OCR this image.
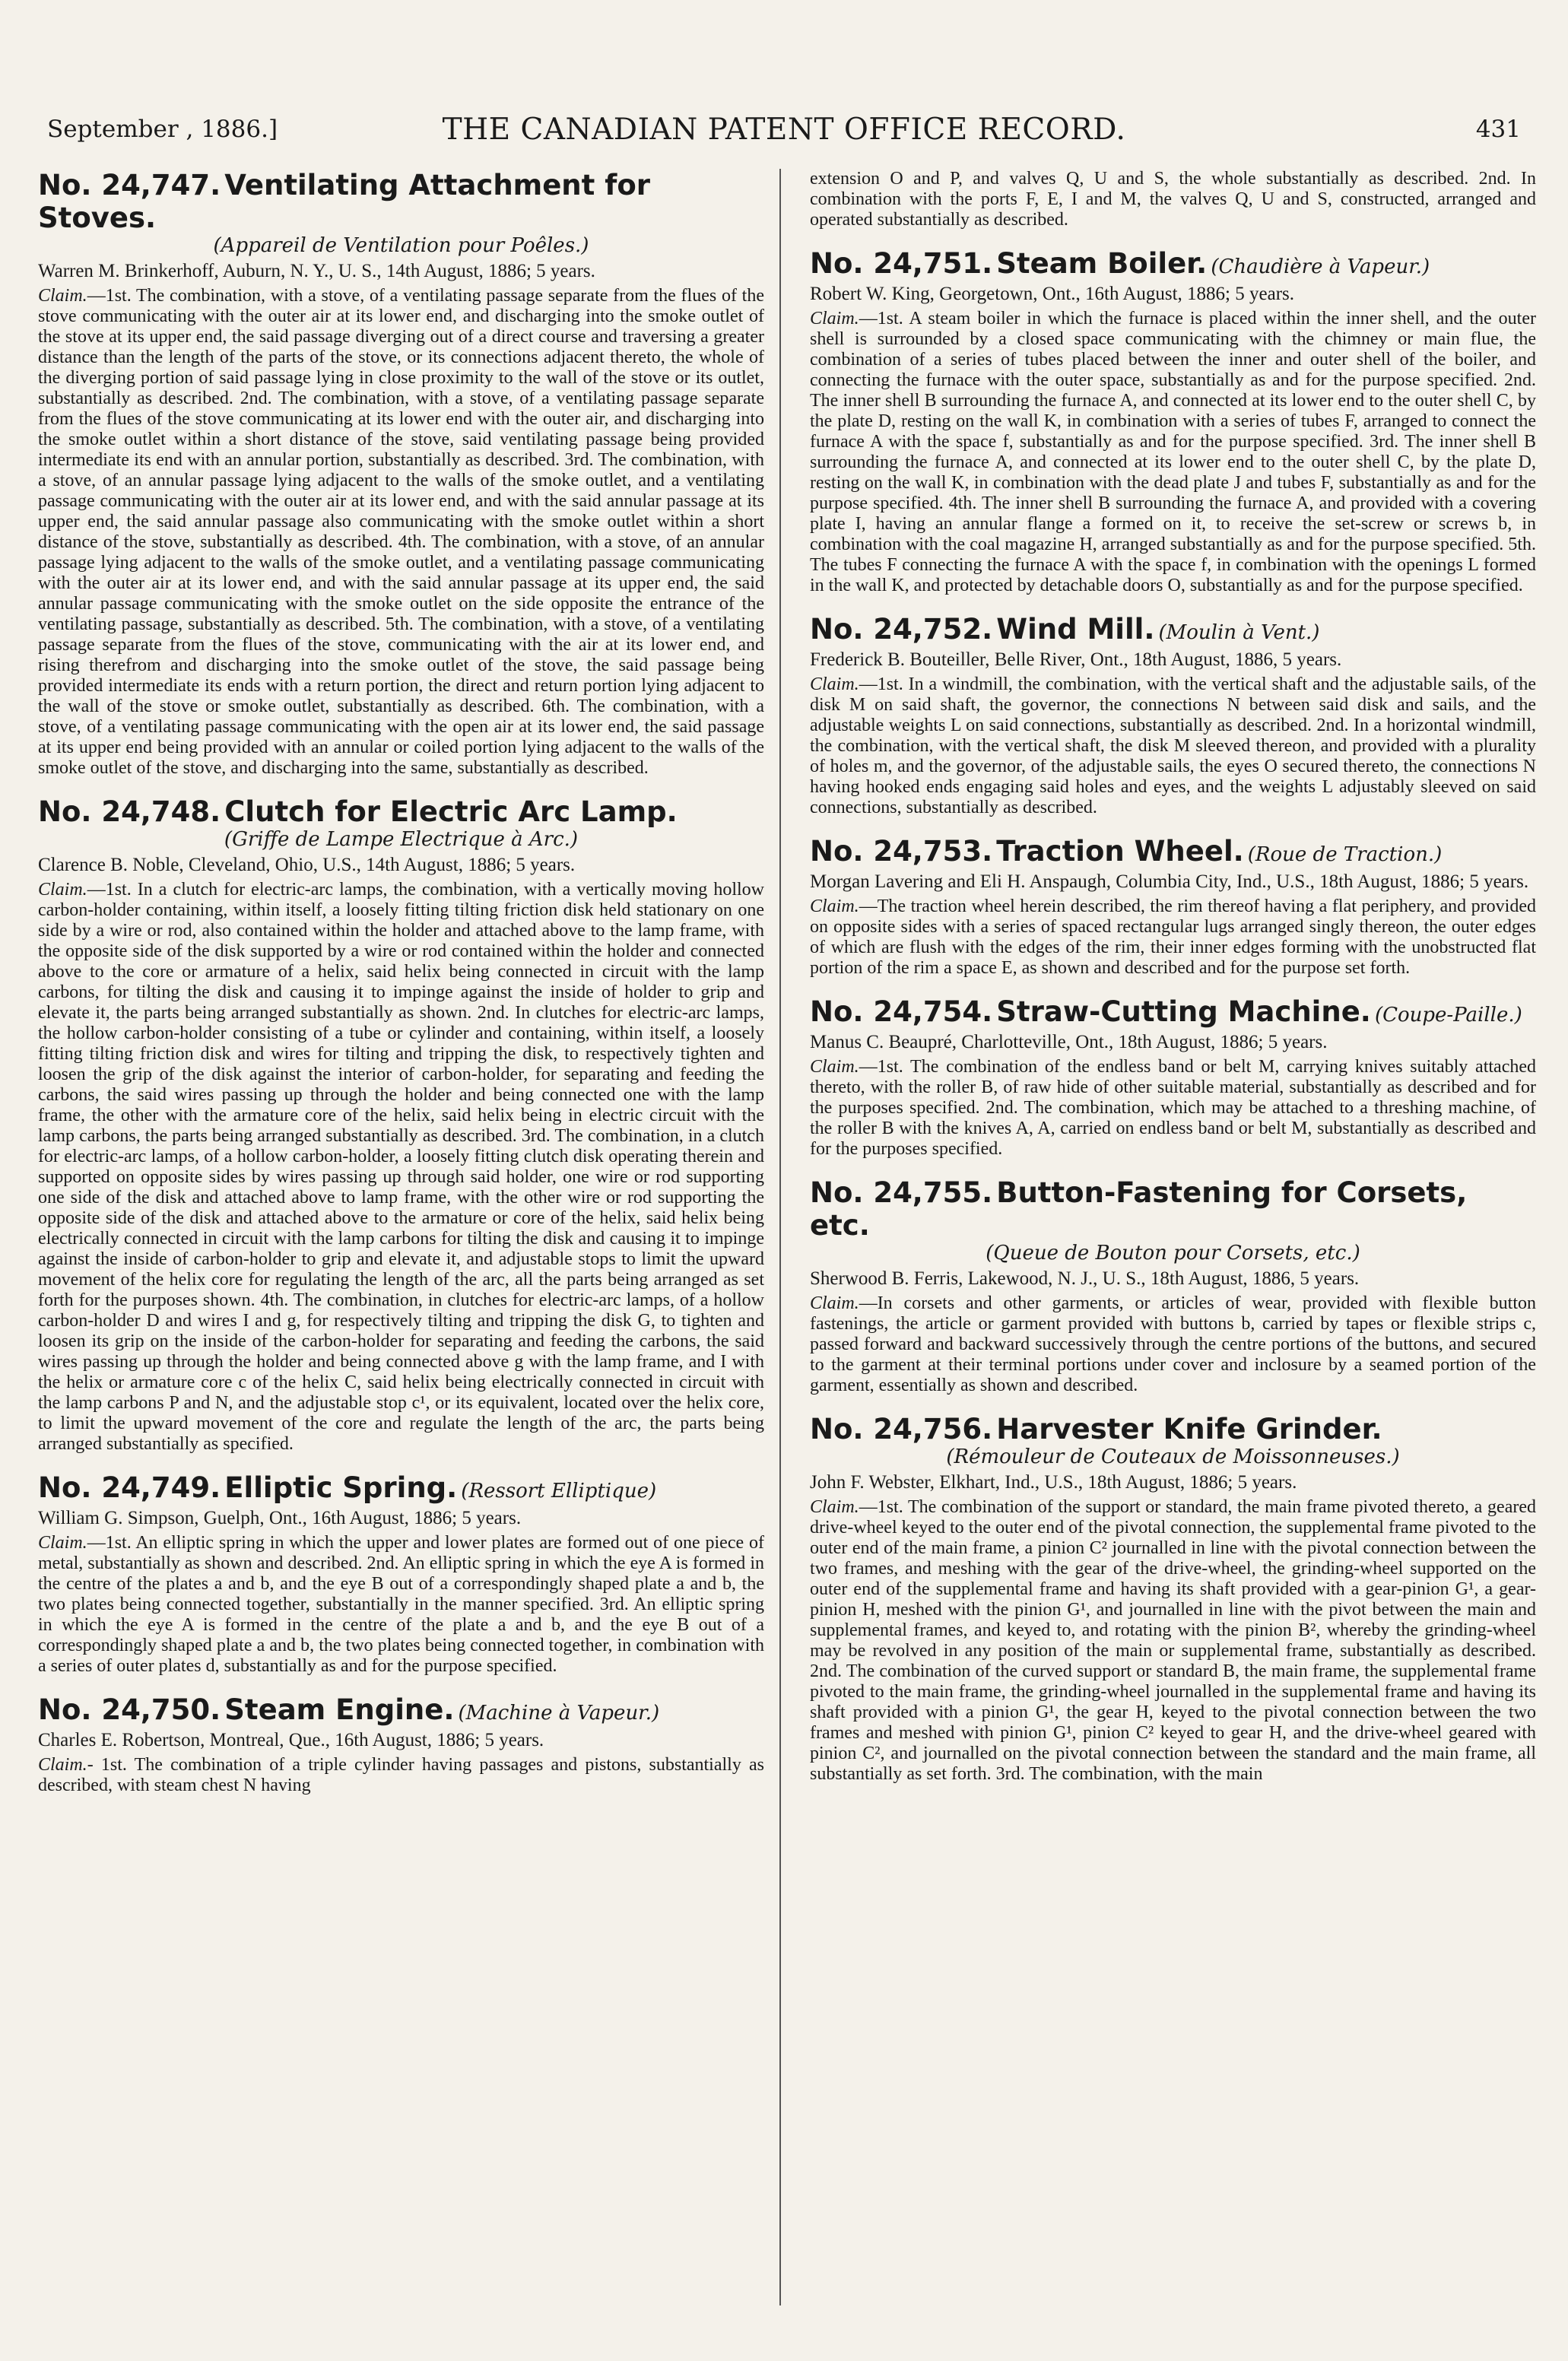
September , 1886.]	THE CANADIAN PATENT OFFICE RECORD.	431
No. 24,747. Ventilating Attachment for Stoves.
(Appareil de Ventilation pour Poêles.)
Warren M. Brinkerhoff, Auburn, N. Y., U. S., 14th August, 1886; 5 years.

Claim.—1st. The combination, with a stove, of a ventilating passage separate from the flues of the stove communicating with the outer air at its lower end, and discharging into the smoke outlet of the stove at its upper end, the said passage diverging out of a direct course and traversing a greater distance than the length of the parts of the stove, or its connections adjacent thereto, the whole of the diverging portion of said passage lying in close proximity to the wall of the stove or its outlet, substantially as described. 2nd. The combination, with a stove, of a ventilating passage separate from the flues of the stove communicating at its lower end with the outer air, and discharging into the smoke outlet within a short distance of the stove, said ventilating passage being provided intermediate its end with an annular portion, substantially as described. 3rd. The combination, with a stove, of an annular passage lying adjacent to the walls of the smoke outlet, and a ventilating passage communicating with the outer air at its lower end, and with the said annular passage at its upper end, the said annular passage also communicating with the smoke outlet within a short distance of the stove, substantially as described. 4th. The combination, with a stove, of an annular passage lying adjacent to the walls of the smoke outlet, and a ventilating passage communicating with the outer air at its lower end, and with the said annular passage at its upper end, the said annular passage communicating with the smoke outlet on the side opposite the entrance of the ventilating passage, substantially as described. 5th. The combination, with a stove, of a ventilating passage separate from the flues of the stove, communicating with the air at its lower end, and rising therefrom and discharging into the smoke outlet of the stove, the said passage being provided intermediate its ends with a return portion, the direct and return portion lying adjacent to the wall of the stove or smoke outlet, substantially as described. 6th. The combination, with a stove, of a ventilating passage communicating with the open air at its lower end, the said passage at its upper end being provided with an annular or coiled portion lying adjacent to the walls of the smoke outlet of the stove, and discharging into the same, substantially as described.

No. 24,748. Clutch for Electric Arc Lamp.
(Griffe de Lampe Electrique à Arc.)
Clarence B. Noble, Cleveland, Ohio, U.S., 14th August, 1886; 5 years.

Claim.—1st. In a clutch for electric-arc lamps, the combination, with a vertically moving hollow carbon-holder containing, within itself, a loosely fitting tilting friction disk held stationary on one side by a wire or rod, also contained within the holder and attached above to the lamp frame, with the opposite side of the disk supported by a wire or rod contained within the holder and connected above to the core or armature of a helix, said helix being connected in circuit with the lamp carbons, for tilting the disk and causing it to impinge against the inside of holder to grip and elevate it, the parts being arranged substantially as shown. 2nd. In clutches for electric-arc lamps, the hollow carbon-holder consisting of a tube or cylinder and containing, within itself, a loosely fitting tilting friction disk and wires for tilting and tripping the disk, to respectively tighten and loosen the grip of the disk against the interior of carbon-holder, for separating and feeding the carbons, the said wires passing up through the holder and being connected one with the lamp frame, the other with the armature core of the helix, said helix being in electric circuit with the lamp carbons, the parts being arranged substantially as described. 3rd. The combination, in a clutch for electric-arc lamps, of a hollow carbon-holder, a loosely fitting clutch disk operating therein and supported on opposite sides by wires passing up through said holder, one wire or rod supporting one side of the disk and attached above to lamp frame, with the other wire or rod supporting the opposite side of the disk and attached above to the armature or core of the helix, said helix being electrically connected in circuit with the lamp carbons for tilting the disk and causing it to impinge against the inside of carbon-holder to grip and elevate it, and adjustable stops to limit the upward movement of the helix core for regulating the length of the arc, all the parts being arranged as set forth for the purposes shown. 4th. The combination, in clutches for electric-arc lamps, of a hollow carbon-holder D and wires I and g, for respectively tilting and tripping the disk G, to tighten and loosen its grip on the inside of the carbon-holder for separating and feeding the carbons, the said wires passing up through the holder and being connected above g with the lamp frame, and I with the helix or armature core c of the helix C, said helix being electrically connected in circuit with the lamp carbons P and N, and the adjustable stop c¹, or its equivalent, located over the helix core, to limit the upward movement of the core and regulate the length of the arc, the parts being arranged substantially as specified.

No. 24,749. Elliptic Spring. (Ressort Elliptique)
William G. Simpson, Guelph, Ont., 16th August, 1886; 5 years.

Claim.—1st. An elliptic spring in which the upper and lower plates are formed out of one piece of metal, substantially as shown and described. 2nd. An elliptic spring in which the eye A is formed in the centre of the plates a and b, and the eye B out of a correspondingly shaped plate a and b, the two plates being connected together, substantially in the manner specified. 3rd. An elliptic spring in which the eye A is formed in the centre of the plate a and b, and the eye B out of a correspondingly shaped plate a and b, the two plates being connected together, in combination with a series of outer plates d, substantially as and for the purpose specified.

No. 24,750. Steam Engine. (Machine à Vapeur.)
Charles E. Robertson, Montreal, Que., 16th August, 1886; 5 years.

Claim.- 1st. The combination of a triple cylinder having passages and pistons, substantially as described, with steam chest N having

extension O and P, and valves Q, U and S, the whole substantially as described. 2nd. In combination with the ports F, E, I and M, the valves Q, U and S, constructed, arranged and operated substantially as described.

No. 24,751. Steam Boiler. (Chaudière à Vapeur.)
Robert W. King, Georgetown, Ont., 16th August, 1886; 5 years.

Claim.—1st. A steam boiler in which the furnace is placed within the inner shell, and the outer shell is surrounded by a closed space communicating with the chimney or main flue, the combination of a series of tubes placed between the inner and outer shell of the boiler, and connecting the furnace with the outer space, substantially as and for the purpose specified. 2nd. The inner shell B surrounding the furnace A, and connected at its lower end to the outer shell C, by the plate D, resting on the wall K, in combination with a series of tubes F, arranged to connect the furnace A with the space f, substantially as and for the purpose specified. 3rd. The inner shell B surrounding the furnace A, and connected at its lower end to the outer shell C, by the plate D, resting on the wall K, in combination with the dead plate J and tubes F, substantially as and for the purpose specified. 4th. The inner shell B surrounding the furnace A, and provided with a covering plate I, having an annular flange a formed on it, to receive the set-screw or screws b, in combination with the coal magazine H, arranged substantially as and for the purpose specified. 5th. The tubes F connecting the furnace A with the space f, in combination with the openings L formed in the wall K, and protected by detachable doors O, substantially as and for the purpose specified.

No. 24,752. Wind Mill. (Moulin à Vent.)
Frederick B. Bouteiller, Belle River, Ont., 18th August, 1886, 5 years.

Claim.—1st. In a windmill, the combination, with the vertical shaft and the adjustable sails, of the disk M on said shaft, the governor, the connections N between said disk and sails, and the adjustable weights L on said connections, substantially as described. 2nd. In a horizontal windmill, the combination, with the vertical shaft, the disk M sleeved thereon, and provided with a plurality of holes m, and the governor, of the adjustable sails, the eyes O secured thereto, the connections N having hooked ends engaging said holes and eyes, and the weights L adjustably sleeved on said connections, substantially as described.

No. 24,753. Traction Wheel. (Roue de Traction.)
Morgan Lavering and Eli H. Anspaugh, Columbia City, Ind., U.S., 18th August, 1886; 5 years.

Claim.—The traction wheel herein described, the rim thereof having a flat periphery, and provided on opposite sides with a series of spaced rectangular lugs arranged singly thereon, the outer edges of which are flush with the edges of the rim, their inner edges forming with the unobstructed flat portion of the rim a space E, as shown and described and for the purpose set forth.

No. 24,754. Straw-Cutting Machine. (Coupe-Paille.)
Manus C. Beaupré, Charlotteville, Ont., 18th August, 1886; 5 years.

Claim.—1st. The combination of the endless band or belt M, carrying knives suitably attached thereto, with the roller B, of raw hide of other suitable material, substantially as described and for the purposes specified. 2nd. The combination, which may be attached to a threshing machine, of the roller B with the knives A, A, carried on endless band or belt M, substantially as described and for the purposes specified.

No. 24,755. Button-Fastening for Corsets, etc.
(Queue de Bouton pour Corsets, etc.)
Sherwood B. Ferris, Lakewood, N. J., U. S., 18th August, 1886, 5 years.

Claim.—In corsets and other garments, or articles of wear, provided with flexible button fastenings, the article or garment provided with buttons b, carried by tapes or flexible strips c, passed forward and backward successively through the centre portions of the buttons, and secured to the garment at their terminal portions under cover and inclosure by a seamed portion of the garment, essentially as shown and described.

No. 24,756. Harvester Knife Grinder.
(Rémouleur de Couteaux de Moissonneuses.)
John F. Webster, Elkhart, Ind., U.S., 18th August, 1886; 5 years.

Claim.—1st. The combination of the support or standard, the main frame pivoted thereto, a geared drive-wheel keyed to the outer end of the pivotal connection, the supplemental frame pivoted to the outer end of the main frame, a pinion C² journalled in line with the pivotal connection between the two frames, and meshing with the gear of the drive-wheel, the grinding-wheel supported on the outer end of the supplemental frame and having its shaft provided with a gear-pinion G¹, a gear-pinion H, meshed with the pinion G¹, and journalled in line with the pivot between the main and supplemental frames, and keyed to, and rotating with the pinion B², whereby the grinding-wheel may be revolved in any position of the main or supplemental frame, substantially as described. 2nd. The combination of the curved support or standard B, the main frame, the supplemental frame pivoted to the main frame, the grinding-wheel journalled in the supplemental frame and having its shaft provided with a pinion G¹, the gear H, keyed to the pivotal connection between the two frames and meshed with pinion G¹, pinion C² keyed to gear H, and the drive-wheel geared with pinion C², and journalled on the pivotal connection between the standard and the main frame, all substantially as set forth. 3rd. The combination, with the main
